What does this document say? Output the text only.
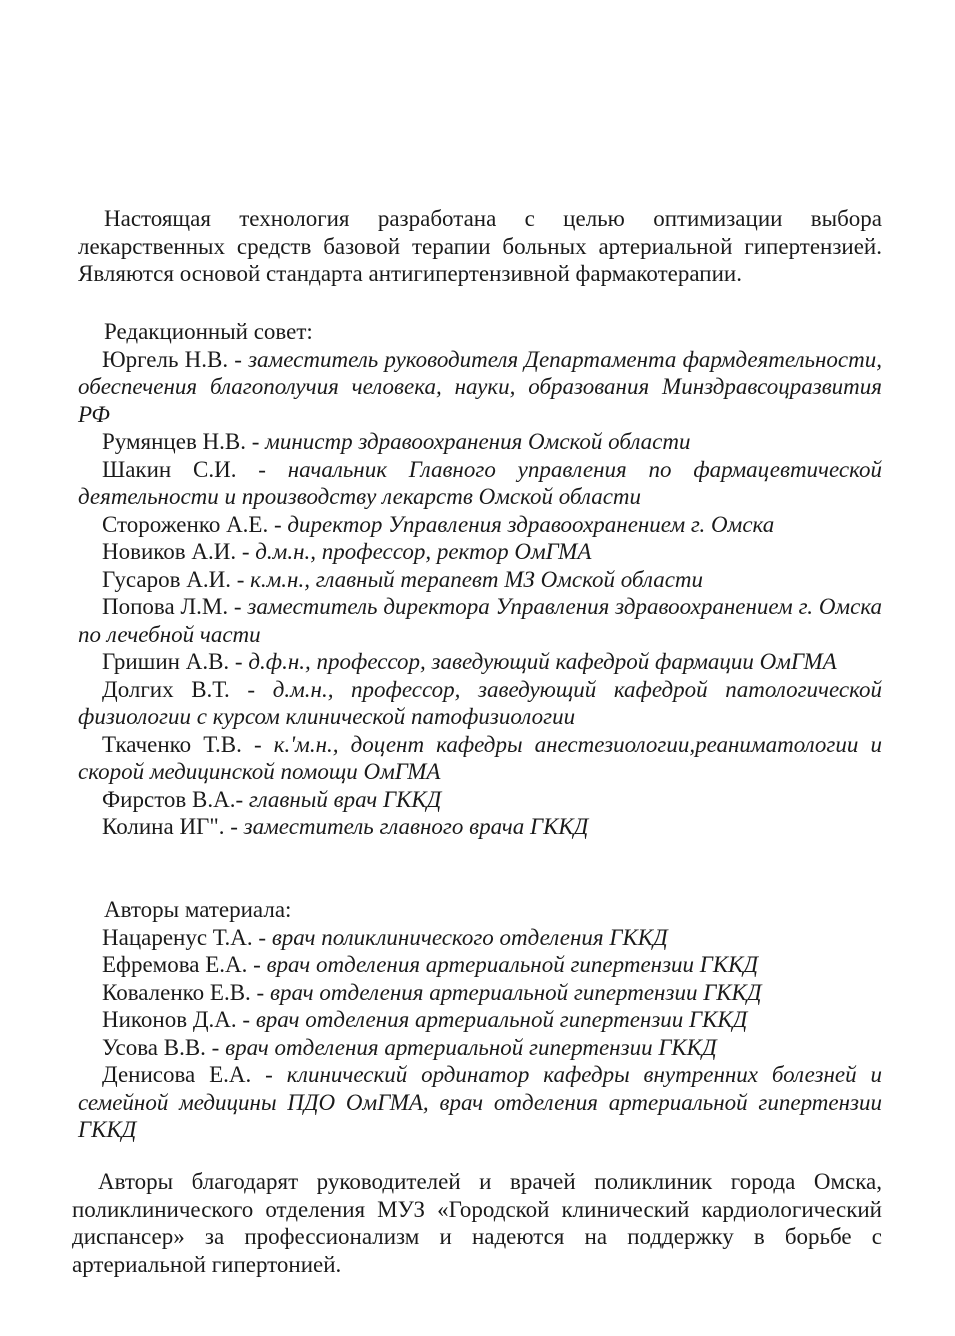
Настоящая технология разработана с целью оптимизации выбора лекарственных средств базовой терапии больных артериальной гипертензией. Являются основой стандарта антигипертензивной фармакотерапии.

Редакционный совет:

Юргель Н.В. - заместитель руководителя Департамента фармдеятельности, обеспечения благополучия человека, науки, образования Минздравсоцразвития РФ

Румянцев Н.В. - министр здравоохранения Омской области

Шакин С.И. - начальник Главного управления по фармацевтической деятельности и производству лекарств Омской области

Стороженко А.Е. - директор Управления здравоохранением г. Омска

Новиков А.И. - д.м.н., профессор, ректор ОмГМА

Гусаров А.И. - к.м.н., главный терапевт МЗ Омской области

Попова Л.М. - заместитель директора Управления здравоохранением г. Омска по лечебной части

Гришин А.В. - д.ф.н., профессор, заведующий кафедрой фармации ОмГМА

Долгих В.Т. - д.м.н., профессор, заведующий кафедрой патологической физиологии с курсом клинической патофизиологии

Ткаченко Т.В. - к.'м.н., доцент кафедры анестезиологии,реаниматологии и скорой медицинской помощи ОмГМА

Фирстов В.А.- главный врач ГККД

Колина ИГ". - заместитель главного врача ГККД

Авторы материала:

Нацаренус Т.А. - врач поликлинического отделения ГККД

Ефремова Е.А. - врач отделения артериальной гипертензии ГККД

Коваленко Е.В. - врач отделения артериальной гипертензии ГККД

Никонов Д.А. - врач отделения артериальной гипертензии ГККД

Усова В.В. - врач отделения артериальной гипертензии ГККД

Денисова Е.А. - клинический ординатор кафедры внутренних болезней и семейной медицины ПДО ОмГМА, врач отделения артериальной гипертензии ГККД

Авторы благодарят руководителей и врачей поликлиник города Омска, поликлинического отделения МУЗ «Городской клинический кардиологический диспансер» за профессионализм и надеются на поддержку в борьбе с артериальной гипертонией.
